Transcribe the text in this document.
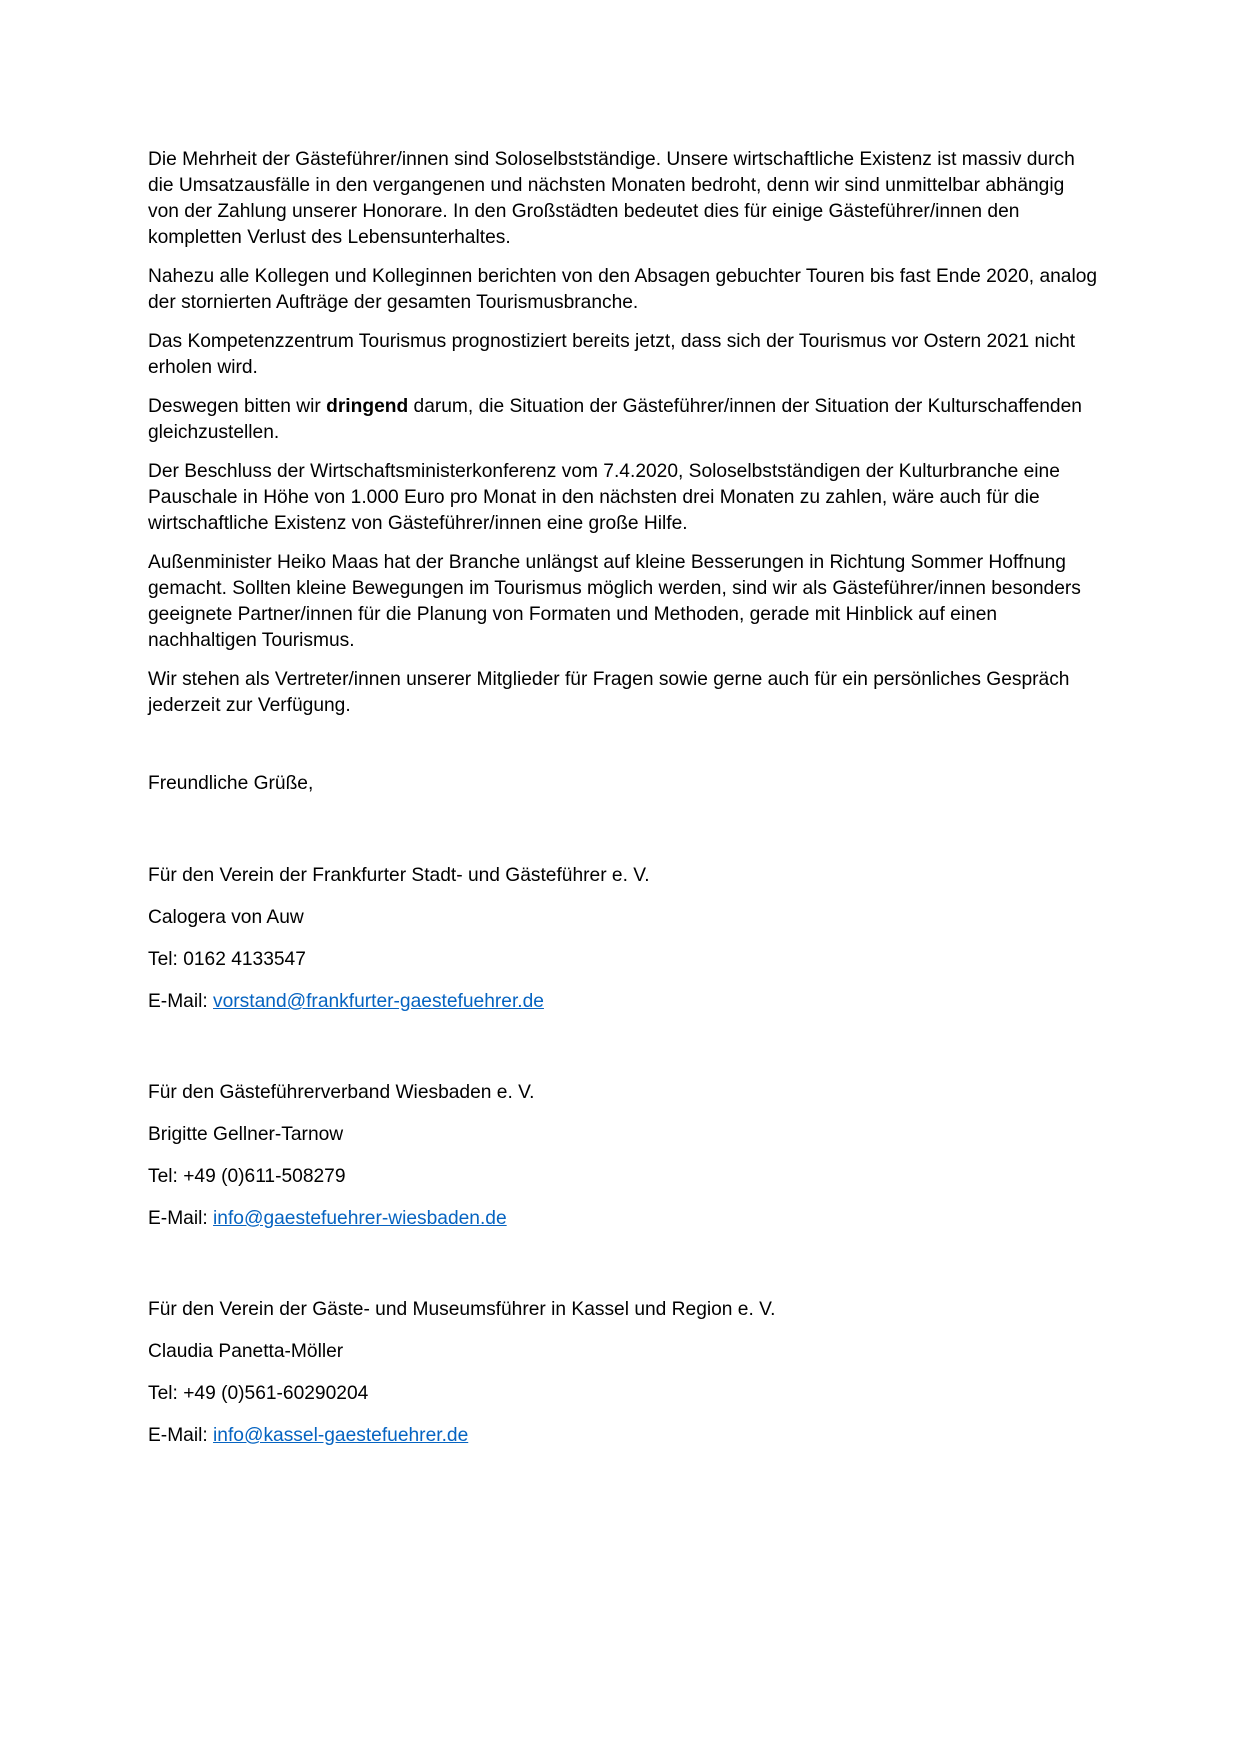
Die Mehrheit der Gästeführer/innen sind Soloselbstständige. Unsere wirtschaftliche Existenz ist massiv durch die Umsatzausfälle in den vergangenen und nächsten Monaten bedroht, denn wir sind unmittelbar abhängig von der Zahlung unserer Honorare. In den Großstädten bedeutet dies für einige Gästeführer/innen den kompletten Verlust des Lebensunterhaltes.

Nahezu alle Kollegen und Kolleginnen berichten von den Absagen gebuchter Touren bis fast Ende 2020, analog der stornierten Aufträge der gesamten Tourismusbranche.

Das Kompetenzzentrum Tourismus prognostiziert bereits jetzt, dass sich der Tourismus vor Ostern 2021 nicht erholen wird.

Deswegen bitten wir dringend darum, die Situation der Gästeführer/innen der Situation der Kulturschaffenden gleichzustellen.

Der Beschluss der Wirtschaftsministerkonferenz vom 7.4.2020, Soloselbstständigen der Kulturbranche eine Pauschale in Höhe von 1.000 Euro pro Monat in den nächsten drei Monaten zu zahlen, wäre auch für die wirtschaftliche Existenz von Gästeführer/innen eine große Hilfe.

Außenminister Heiko Maas hat der Branche unlängst auf kleine Besserungen in Richtung Sommer Hoffnung gemacht. Sollten kleine Bewegungen im Tourismus möglich werden, sind wir als Gästeführer/innen besonders geeignete Partner/innen für die Planung von Formaten und Methoden, gerade mit Hinblick auf einen nachhaltigen Tourismus.

Wir stehen als Vertreter/innen unserer Mitglieder für Fragen sowie gerne auch für ein persönliches Gespräch jederzeit zur Verfügung.

Freundliche Grüße,

Für den Verein der Frankfurter Stadt- und Gästeführer e. V.

Calogera von Auw

Tel: 0162 4133547

E-Mail: vorstand@frankfurter-gaestefuehrer.de

Für den Gästeführerverband Wiesbaden e. V.

Brigitte Gellner-Tarnow

Tel: +49 (0)611-508279

E-Mail: info@gaestefuehrer-wiesbaden.de

Für den Verein der Gäste- und Museumsführer in Kassel und Region e. V.

Claudia Panetta-Möller

Tel: +49 (0)561-60290204

E-Mail: info@kassel-gaestefuehrer.de
